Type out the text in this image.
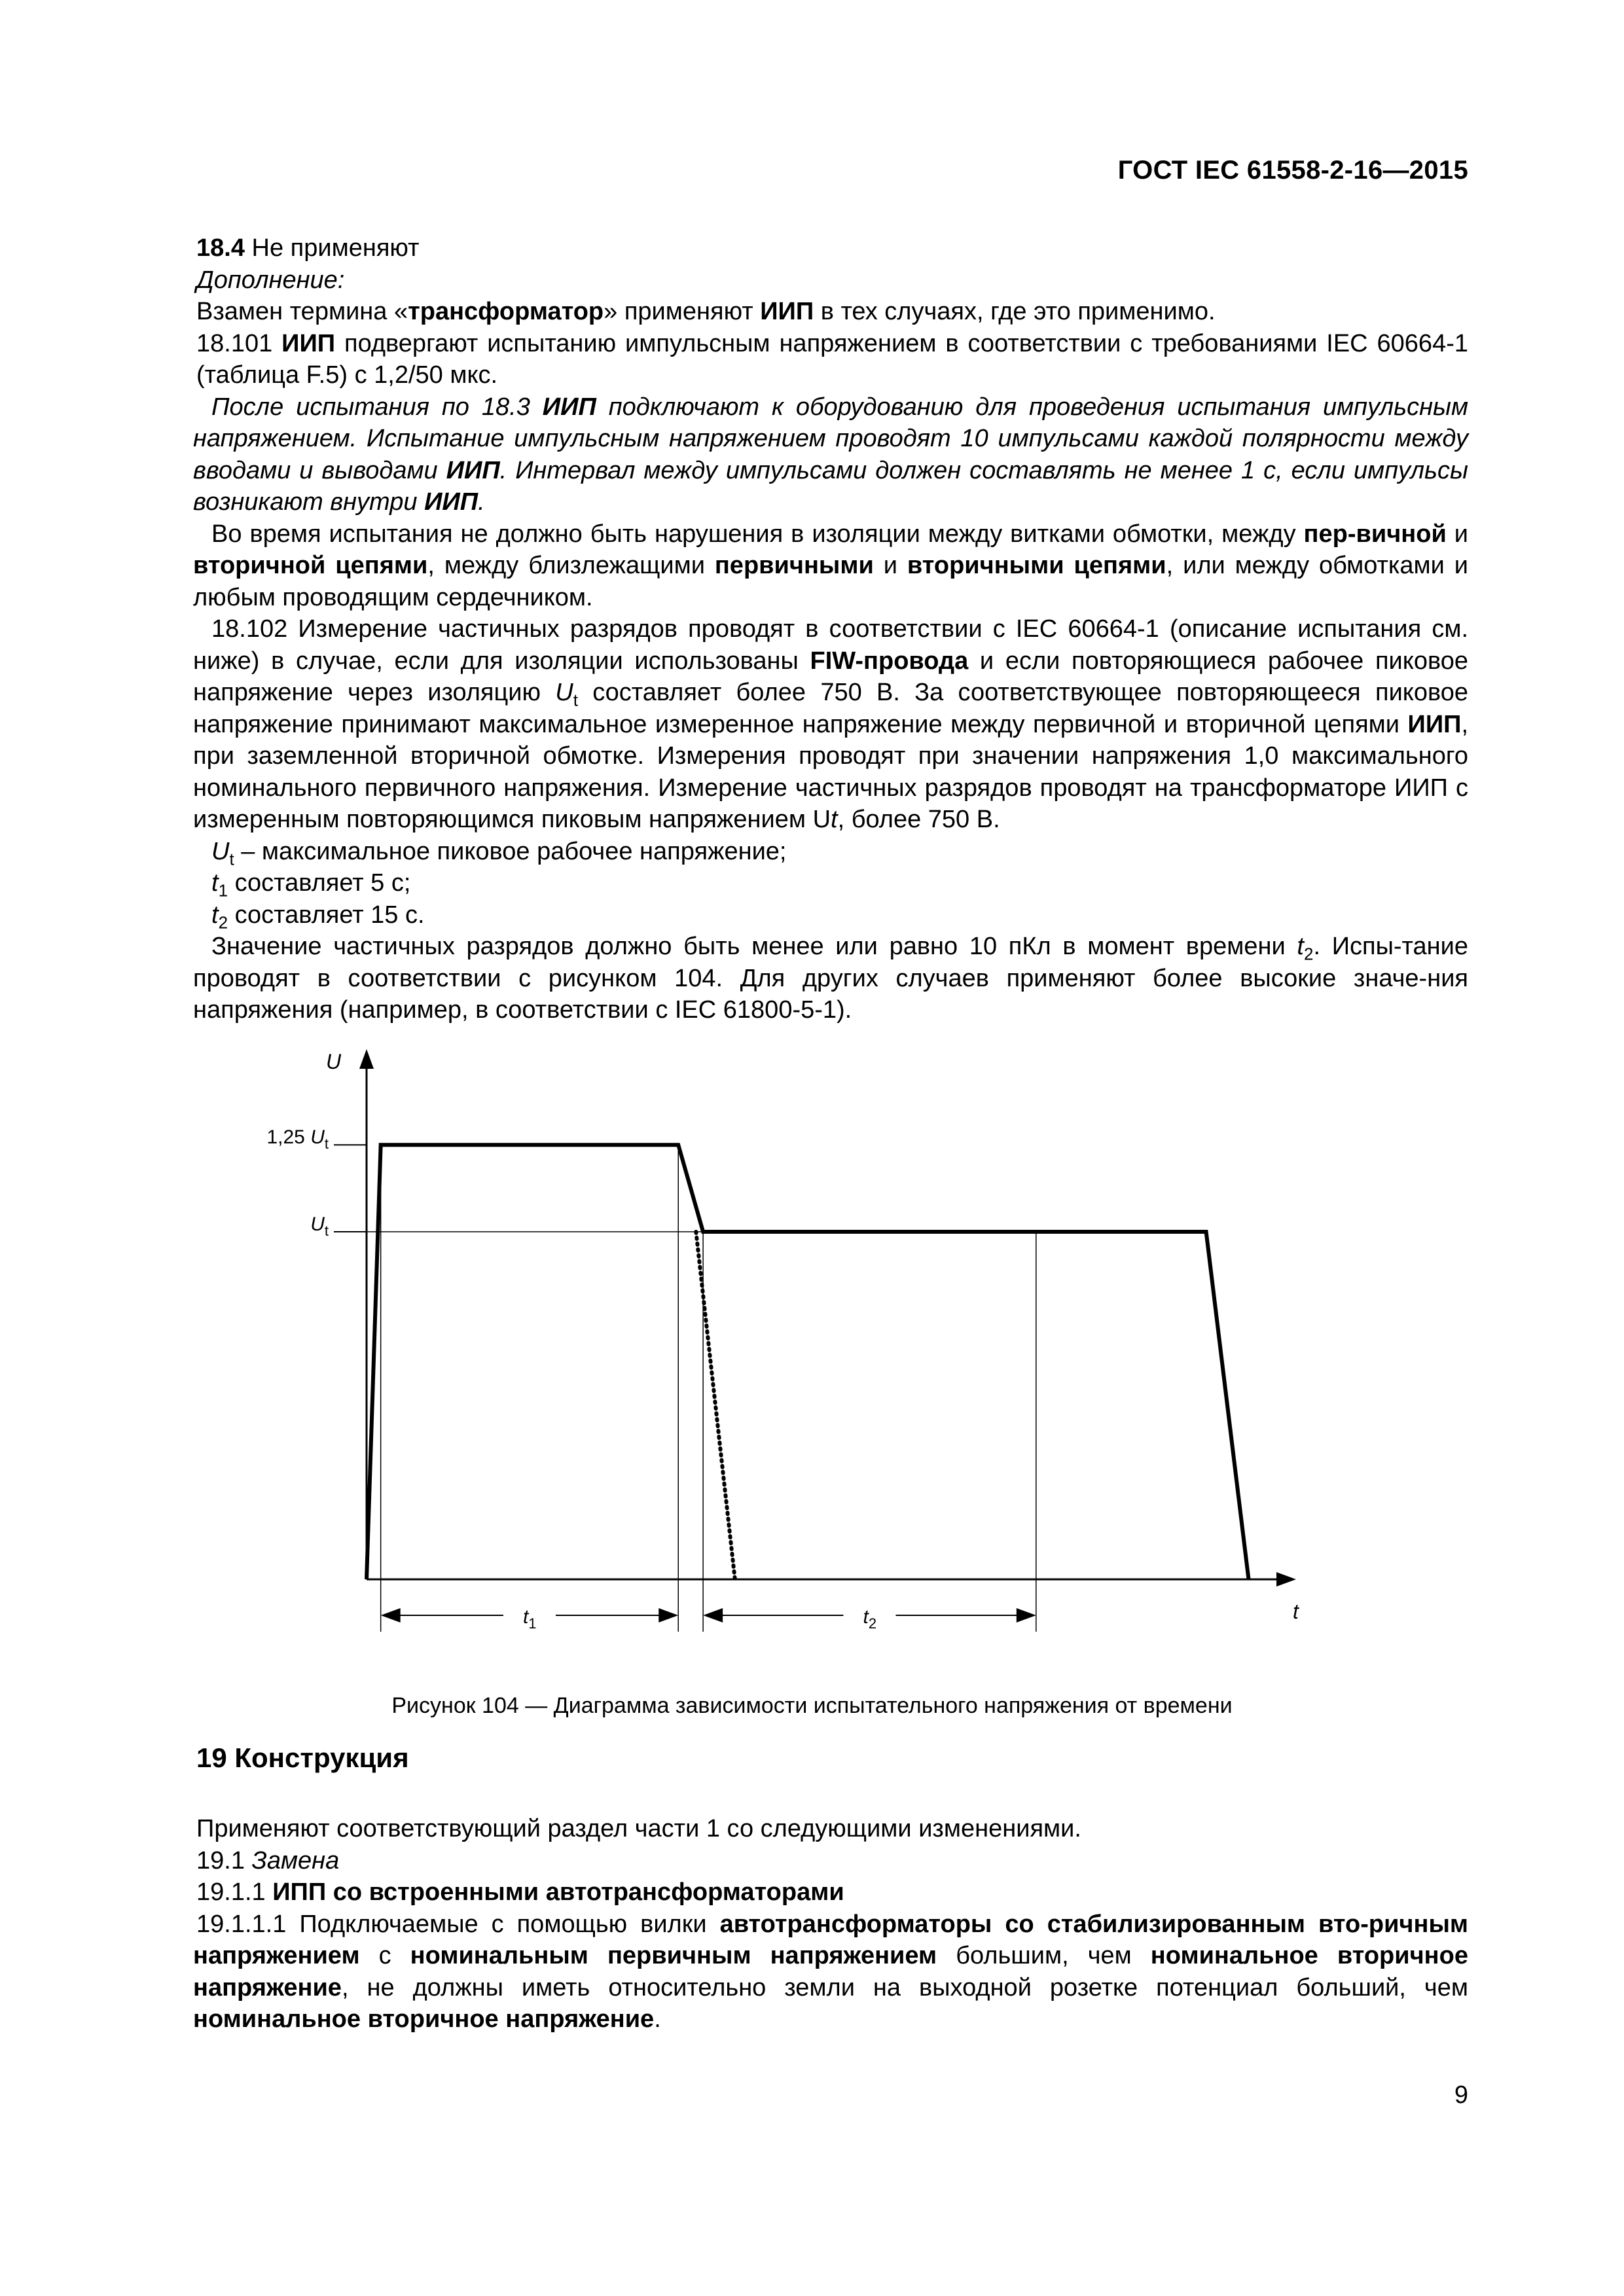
ГОСТ IEC 61558-2-16—2015

18.4 Не применяют

Дополнение:

Взамен термина «трансформатор» применяют ИИП в тех случаях, где это применимо.

18.101 ИИП подвергают испытанию импульсным напряжением в соответствии с требованиями IEC 60664-1 (таблица F.5) с 1,2/50 мкс.

После испытания по 18.3 ИИП подключают к оборудованию для проведения испытания импульсным напряжением. Испытание импульсным напряжением проводят 10 импульсами каждой полярности между вводами и выводами ИИП. Интервал между импульсами должен составлять не менее 1 с, если импульсы возникают внутри ИИП.

Во время испытания не должно быть нарушения в изоляции между витками обмотки, между пер-вичной и вторичной цепями, между близлежащими первичными и вторичными цепями, или между обмотками и любым проводящим сердечником.

18.102 Измерение частичных разрядов проводят в соответствии с IEC 60664-1 (описание испытания см. ниже) в случае, если для изоляции использованы FIW-провода и если повторяющиеся рабочее пиковое напряжение через изоляцию $U_t$ составляет более 750 В. За соответствующее повторяющееся пиковое напряжение принимают максимальное измеренное напряжение между первичной и вторичной цепями ИИП, при заземленной вторичной обмотке. Измерения проводят при значении напряжения 1,0 максимального номинального первичного напряжения. Измерение частичных разрядов проводят на трансформаторе ИИП с измеренным повторяющимся пиковым напряжением Ut, более 750 В.

$U_t$ – максимальное пиковое рабочее напряжение;

$t_1$ составляет 5 с;

$t_2$ составляет 15 с.

Значение частичных разрядов должно быть менее или равно 10 пКл в момент времени $t_2$. Испы-тание проводят в соответствии с рисунком 104. Для других случаев применяют более высокие значе-ния напряжения (например, в соответствии с IEC 61800-5-1).

U
t
1,25 $U_t$
$U_t$
$t_1$	$t_2$
Рисунок 104 — Диаграмма зависимости испытательного напряжения от времени
19 Конструкция

Применяют соответствующий раздел части 1 со следующими изменениями.

19.1 Замена

19.1.1 ИПП со встроенными автотрансформаторами

19.1.1.1 Подключаемые с помощью вилки автотрансформаторы со стабилизированным вто-ричным напряжением с номинальным первичным напряжением большим, чем номинальное вторичное напряжение, не должны иметь относительно земли на выходной розетке потенциал больший, чем номинальное вторичное напряжение.

9
